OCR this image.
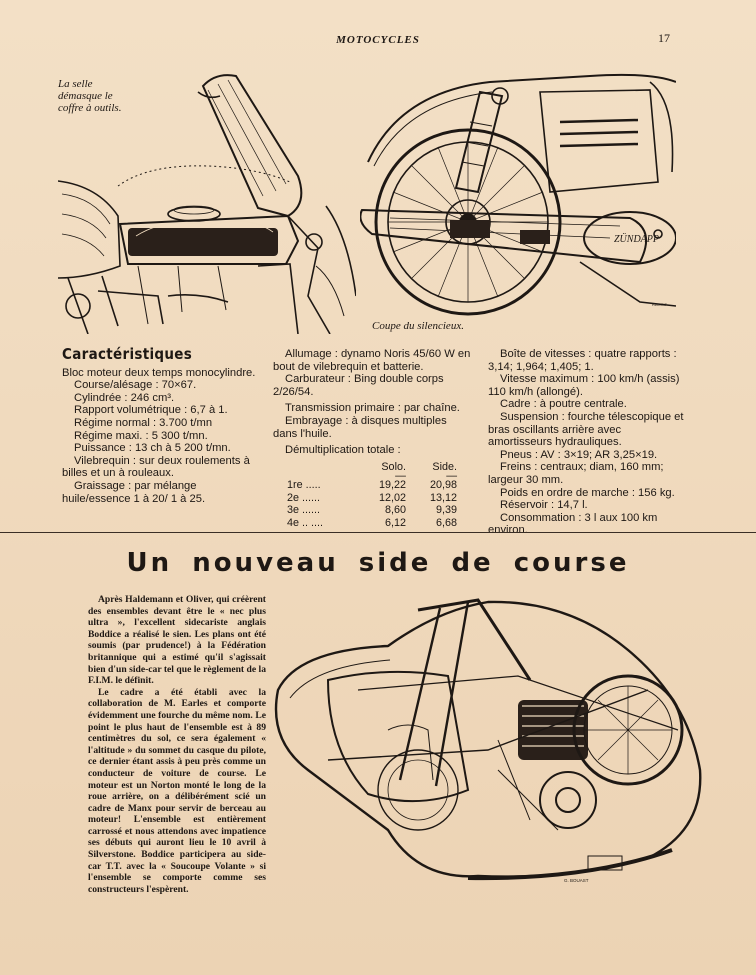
MOTOCYCLES	17
La selle démasque le coffre à outils.
ZÜNDAPP
RAGRIF
Coupe du silencieux.
Caractéristiques

Bloc moteur deux temps monocylindre.

Course/alésage : 70×67.

Cylindrée : 246 cm³.

Rapport volumétrique : 6,7 à 1.

Régime normal : 3.700 t/mn

Régime maxi. : 5 300 t/mn.

Puissance : 13 ch à 5 200 t/mn.

Vilebrequin : sur deux roulements à billes et un à rouleaux.

Graissage : par mélange huile/essence 1 à 20/ 1 à 25.

Allumage : dynamo Noris 45/60 W en bout de vilebrequin et batterie.

Carburateur : Bing double corps 2/26/54.

Transmission primaire : par chaîne.

Embrayage : à disques multiples dans l'huile.

Démultiplication totale :

	Solo.	Side.
	—	—
1re .....	19,22	20,98
2e ......	12,02	13,12
3e ......	8,60	9,39
4e .. ....	6,12	6,68

Boîte de vitesses : quatre rapports : 3,14; 1,964; 1,405; 1.

Vitesse maximum : 100 km/h (assis) 110 km/h (allongé).

Cadre : à poutre centrale.

Suspension : fourche télescopique et bras oscillants arrière avec amortisseurs hydrauliques.

Pneus : AV : 3×19; AR 3,25×19.

Freins : centraux; diam, 160 mm; largeur 30 mm.

Poids en ordre de marche : 156 kg.

Réservoir : 14,7 l.

Consommation : 3 l aux 100 km environ.

Un nouveau side de course

Après Haldemann et Oliver, qui créèrent des ensembles devant être le « nec plus ultra », l'excellent sidecariste anglais Boddice a réalisé le sien. Les plans ont été soumis (par prudence!) à la Fédération britannique qui a estimé qu'il s'agissait bien d'un side-car tel que le règlement de la F.I.M. le définit.

Le cadre a été établi avec la collaboration de M. Earles et comporte évidemment une fourche du même nom. Le point le plus haut de l'ensemble est à 89 centimètres du sol, ce sera également « l'altitude » du sommet du casque du pilote, ce dernier étant assis à peu près comme un conducteur de voiture de course. Le moteur est un Norton monté le long de la roue arrière, on a délibérément scié un cadre de Manx pour servir de berceau au moteur! L'ensemble est entièrement carrossé et nous attendons avec impatience ses débuts qui auront lieu le 10 avril à Silverstone. Boddice participera au side-car T.T. avec la « Soucoupe Volante » si l'ensemble se comporte comme ses constructeurs l'espèrent.

G. BOUAST
